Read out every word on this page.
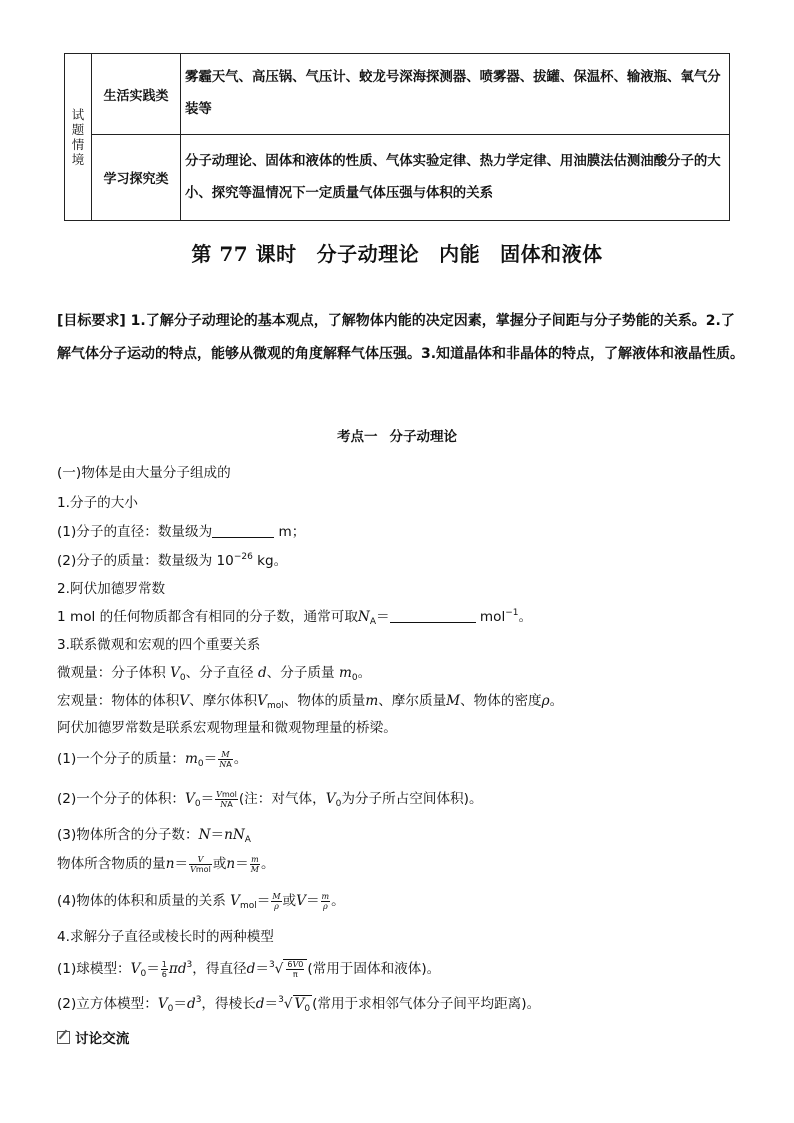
试
题
情
境	生活实践类	雾霾天气、高压锅、气压计、蛟龙号深海探测器、喷雾器、拔罐、保温杯、输液瓶、氧气分装等
	学习探究类	分子动理论、固体和液体的性质、气体实验定律、热力学定律、用油膜法估测油酸分子的大小、探究等温情况下一定质量气体压强与体积的关系
第 77 课时 分子动理论 内能 固体和液体
[目标要求] 1.了解分子动理论的基本观点，了解物体内能的决定因素，掌握分子间距与分子势能的关系。2.了解气体分子运动的特点，能够从微观的角度解释气体压强。3.知道晶体和非晶体的特点，了解液体和液晶性质。
考点一 分子动理论
(一)物体是由大量分子组成的
1.分子的大小
(1)分子的直径：数量级为	m；
(2)分子的质量：数量级为 $10^{-26}$ kg。
2.阿伏加德罗常数
1 mol 的任何物质都含有相同的分子数，通常可取$N_A=$	mol$^{-1}$。
3.联系微观和宏观的四个重要关系
微观量：分子体积 $V_0$、分子直径 d、分子质量 $m_0$。
宏观量：物体的体积V、摩尔体积$V_{mol}$、物体的质量m、摩尔质量M、物体的密度ρ。
阿伏加德罗常数是联系宏观物理量和微观物理量的桥梁。
(1)一个分子的质量：$m_0= \frac{M}{NA}$ 。
(2)一个分子的体积：$V_0= \frac{\text{Vmol}}{NA}$ (注：对气体，$V_0$为分子所占空间体积)。
(3)物体所含的分子数：$N=nN_A$
物体所含物质的量$n= \frac{V}{\text{Vmol}}$ 或$n= \frac{m}{M}$ 。
(4)物体的体积和质量的关系 $V_{mol}= \frac{M}{\rho}$ 或$V= \frac{m}{\rho}$ 。
4.求解分子直径或棱长时的两种模型
(1)球模型：$V_0= \frac{1}{6} \pi d^3$，得直径$d=^3√ \frac{6V0}{\pi}$ (常用于固体和液体)。
(2)立方体模型：$V_0=d^3$，得棱长d＝$^3$√ $V_0$ (常用于求相邻气体分子间平均距离)。
讨论交流
